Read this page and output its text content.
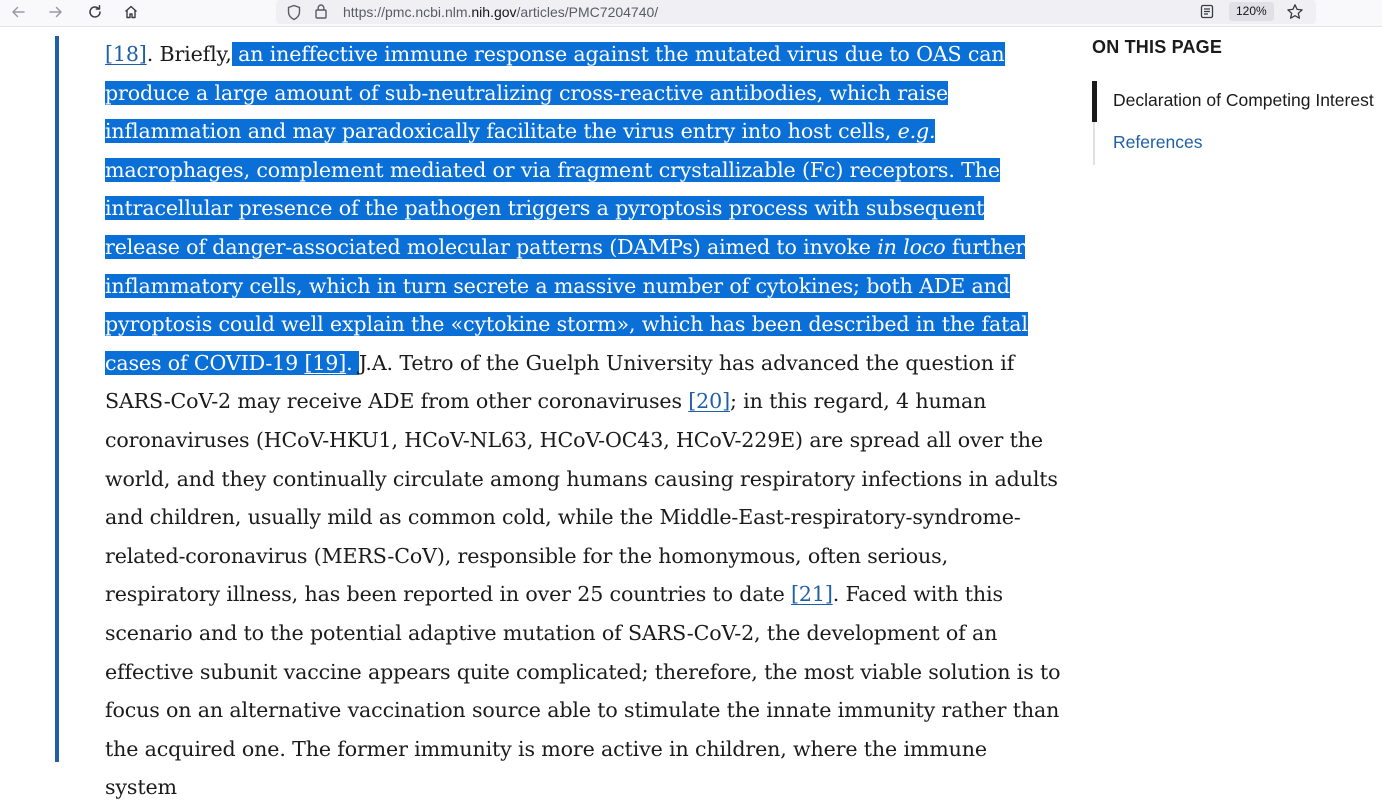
https://pmc.ncbi.nlm.nih.gov/articles/PMC7204740/	120%
[18]. Briefly, an ineffective immune response against the mutated virus due to OAS can produce a large amount of sub-neutralizing cross-reactive antibodies, which raise inflammation and may paradoxically facilitate the virus entry into host cells, e.g. macrophages, complement mediated or via fragment crystallizable (Fc) receptors. The intracellular presence of the pathogen triggers a pyroptosis process with subsequent release of danger-associated molecular patterns (DAMPs) aimed to invoke in loco further inflammatory cells, which in turn secrete a massive number of cytokines; both ADE and pyroptosis could well explain the «cytokine storm», which has been described in the fatal cases of COVID-19 [19]. J.A. Tetro of the Guelph University has advanced the question if SARS-CoV-2 may receive ADE from other coronaviruses [20]; in this regard, 4 human coronaviruses (HCoV-HKU1, HCoV-NL63, HCoV-OC43, HCoV-229E) are spread all over the world, and they continually circulate among humans causing respiratory infections in adults and children, usually mild as common cold, while the Middle-East-respiratory-syndrome-related-coronavirus (MERS-CoV), responsible for the homonymous, often serious, respiratory illness, has been reported in over 25 countries to date [21]. Faced with this scenario and to the potential adaptive mutation of SARS-CoV-2, the development of an effective subunit vaccine appears quite complicated; therefore, the most viable solution is to focus on an alternative vaccination source able to stimulate the innate immunity rather than the acquired one. The former immunity is more active in children, where the immune system
ON THIS PAGE
Declaration of Competing Interest
References
